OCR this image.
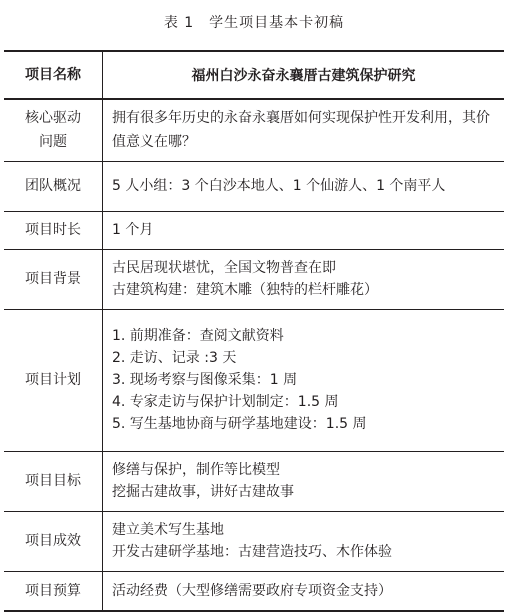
表 1　学生项目基本卡初稿
项目名称	福州白沙永奋永襄厝古建筑保护研究

核心驱动
问题	拥有很多年历史的永奋永襄厝如何实现保护性开发利用，其价值意义在哪？

团队概况	5 人小组：3 个白沙本地人、1 个仙游人、1 个南平人

项目时长	1 个月

项目背景	古民居现状堪忧，全国文物普查在即
古建筑构建：建筑木雕（独特的栏杆雕花）

项目计划	1. 前期准备：查阅文献资料
2. 走访、记录 :3 天
3. 现场考察与图像采集：1 周
4. 专家走访与保护计划制定：1.5 周
5. 写生基地协商与研学基地建设：1.5 周

项目目标	修缮与保护，制作等比模型
挖掘古建故事，讲好古建故事

项目成效	建立美术写生基地
开发古建研学基地：古建营造技巧、木作体验

项目预算	活动经费（大型修缮需要政府专项资金支持）
